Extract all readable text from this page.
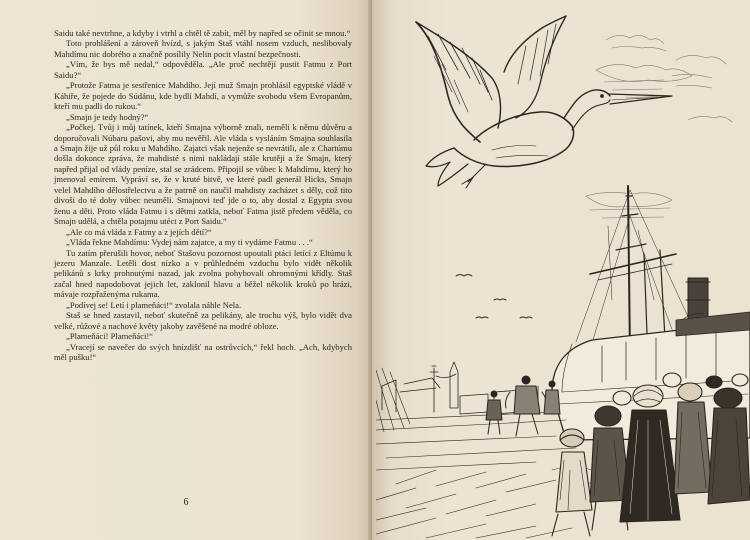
Saidu také nevtrhne, a kdyby i vtrhl a chtěl tě zabít, měl by napřed se očinit se mnou.“

Toto prohlášení a zároveň hvízd, s jakým Staš vtáhl nosem vzduch, neslibovaly Mahdímu nic dobrého a značně posílily Nelin pocit vlastní bezpečnosti.

„Vím, že bys mě nedal,“ odpověděla. „Ale proč nechtějí pustit Fatmu z Port Saidu?“

„Protože Fatma je sestřenice Mahdího. Její muž Smajn prohlásil egyptské vládě v Káhiře, že pojede do Súdánu, kde bydlí Mahdí, a vymůže svobodu všem Evropanům, kteří mu padli do rukou.“

„Smajn je tedy hodný?“

„Počkej. Tvůj i můj tatínek, kteří Smajna výborně znali, neměli k němu důvěru a doporučovali Núbaru pašovi, aby mu nevěřil. Ale vláda s vysláním Smajna souhlasila a Smajn žije už půl roku u Mahdího. Zajatci však nejenže se nevrátili, ale z Chartúmu došla dokonce zpráva, že mahdisté s nimi nakládají stále krutěji a že Smajn, který napřed přijal od vlády peníze, stal se zrádcem. Připojil se vůbec k Mahdímu, který ho jmenoval emírem. Vypráví se, že v kruté bitvě, ve které padl generál Hicks, Smajn velel Mahdího dělostřelectvu a že patrně on naučil mahdisty zacházet s děly, což tito divoši do té doby vůbec neuměli. Smajnovi teď jde o to, aby dostal z Egypta svou ženu a děti. Proto vláda Fatmu i s dětmi zatkla, neboť Fatma jistě předem věděla, co Smajn udělá, a chtěla potajmu utéct z Port Saidu.“

„Ale co má vláda z Fatmy a z jejích dětí?“

„Vláda řekne Mahdímu: Vydej nám zajatce, a my ti vydáme Fatmu . . .“

Tu zatím přerušili hovor, neboť Stašovu pozornost upoutali ptáci letící z Eltúmu k jezeru Manzale. Letěli dost nízko a v průhledném vzduchu bylo vidět několik pelikánů s krky prohnutými nazad, jak zvolna pohybovali ohromnými křídly. Staš začal hned napodobovat jejich let, zaklonil hlavu a běžel několik kroků po hrázi, mávaje rozpřaženýma rukama.

„Podívej se! Letí i plameňáci!“ zvolala náhle Nela.

Staš se hned zastavil, neboť skutečně za pelikány, ale trochu výš, bylo vidět dva velké, růžové a nachové květy jakoby zavěšené na modré obloze.

„Plameňáci! Plameňáci!“

„Vracejí se navečer do svých hnízdišť na ostrůvcích,“ řekl hoch. „Ach, kdybych měl pušku!“

6
